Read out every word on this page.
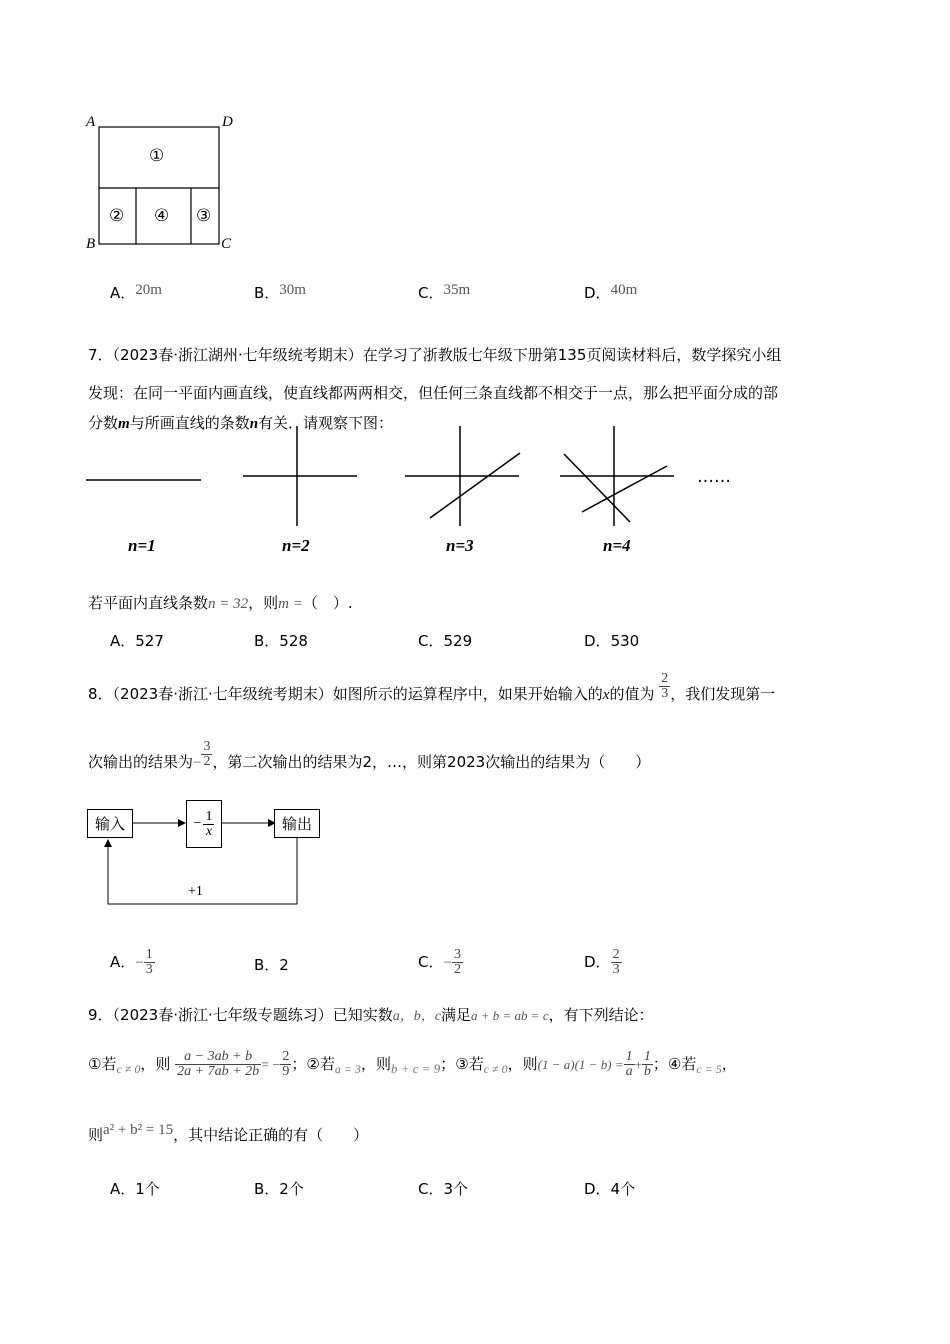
A	D
B	C
①
② ④ ③
A．20m	B．30m	C．35m	D．40m
7．（2023春·浙江湖州·七年级统考期末）在学习了浙教版七年级下册第135页阅读材料后，数学探究小组
发现：在同一平面内画直线，使直线都两两相交，但任何三条直线都不相交于一点，那么把平面分成的部
分数m与所画直线的条数n有关．请观察下图：
……
n=1	n=2	n=3	n=4
若平面内直线条数n = 32，则m =（　）.
A．527	B．528	C．529	D．530
8．（2023春·浙江·七年级统考期末）如图所示的运算程序中，如果开始输入的x的值为 $\frac{2}{3}$ ，我们发现第一
次输出的结果为− $\frac{3}{2}$ ，第二次输出的结果为2，…，则第2023次输出的结果为（　　）
输入	− $\frac{1}{x}$	输出
+1
A．− $\frac{1}{3}$	B．2	C．− $\frac{3}{2}$	D． $\frac{2}{3}$
9．（2023春·浙江·七年级专题练习）已知实数a，b，c满足a + b = ab = c，有下列结论：
①若$_{c \ne 0}$，则 $\frac{a - 3ab + b}{2a + 7ab + 2b}$ = − $\frac{2}{9}$ ；②若$_{a = 3}$，则b + c = 9；③若$_{c \ne 0}$，则$(1 - a)(1 - b) = \frac{1}{a} + \frac{1}{b}$ ；④若$_{c = 5}$，
则a² + b² = 15，其中结论正确的有（　　）
A．1个	B．2个	C．3个	D．4个
